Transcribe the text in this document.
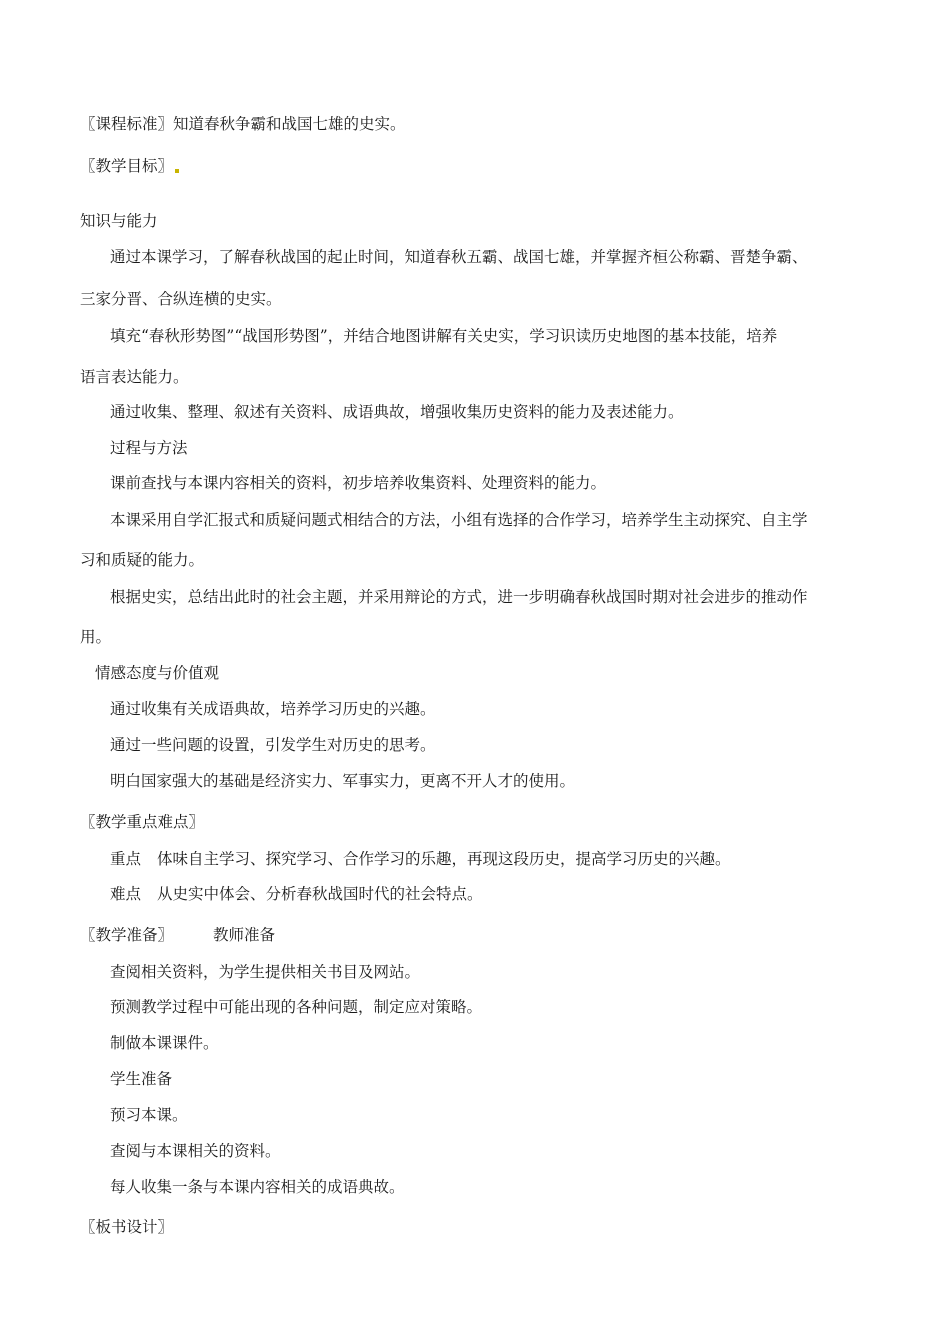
〖课程标准〗知道春秋争霸和战国七雄的史实。
〖教学目标〗
知识与能力
通过本课学习，了解春秋战国的起止时间，知道春秋五霸、战国七雄，并掌握齐桓公称霸、晋楚争霸、
三家分晋、合纵连横的史实。
填充“春秋形势图”“战国形势图”，并结合地图讲解有关史实，学习识读历史地图的基本技能，培养
语言表达能力。
通过收集、整理、叙述有关资料、成语典故，增强收集历史资料的能力及表述能力。
过程与方法
课前查找与本课内容相关的资料，初步培养收集资料、处理资料的能力。
本课采用自学汇报式和质疑问题式相结合的方法，小组有选择的合作学习，培养学生主动探究、自主学
习和质疑的能力。
根据史实，总结出此时的社会主题，并采用辩论的方式，进一步明确春秋战国时期对社会进步的推动作
用。
情感态度与价值观
通过收集有关成语典故，培养学习历史的兴趣。
通过一些问题的设置，引发学生对历史的思考。
明白国家强大的基础是经济实力、军事实力，更离不开人才的使用。
〖教学重点难点〗
重点 体味自主学习、探究学习、合作学习的乐趣，再现这段历史，提高学习历史的兴趣。
难点 从史实中体会、分析春秋战国时代的社会特点。
〖教学准备〗	教师准备
查阅相关资料，为学生提供相关书目及网站。
预测教学过程中可能出现的各种问题，制定应对策略。
制做本课课件。
学生准备
预习本课。
查阅与本课相关的资料。
每人收集一条与本课内容相关的成语典故。
〖板书设计〗
